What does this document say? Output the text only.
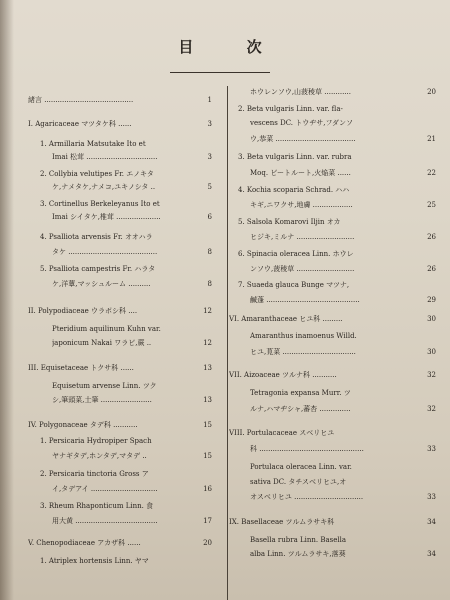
目 次
緒言 ........................................	1
I. Agaricaceae マツタケ科 ......	3
1. Armillaria Matsutake Ito et
Imai 松茸 ................................	3
2. Collybia velutipes Fr. エノキタ
ケ,ナメタケ,ナメコ,ユキノシタ ..	5
3. Cortinellus Berkeleyanus Ito et
Imai シイタケ,椎茸 ....................	6
4. Psalliota arvensis Fr. オオハラ
タケ ........................................	8
5. Psalliota campestris Fr. ハラタ
ケ,洋蕈,マッシュルーム ..........	8
II. Polypodiaceae ウラボシ科 ....	12
Pteridium aquilinum Kuhn var.
japonicum Nakai ワラビ,蕨 ..	12
III. Equisetaceae トクサ科 ......	13
Equisetum arvense Linn. ツク
シ,筆頭菜,土筆 .......................	13
IV. Polygonaceae タデ科 ...........	15
1. Persicaria Hydropiper Spach
ヤナギタデ,ホンタデ,マタデ ..	15
2. Persicaria tinctoria Gross ア
イ,タデアイ ..............................	16
3. Rheum Rhaponticum Linn. 食
用大黄 .....................................	17
V. Chenopodiaceae アカザ科 ......	20
1. Atriplex hortensis Linn. ヤマ
ホウレンソウ,山菠稜草 ............	20
2. Beta vulgaris Linn. var. fla-
vescens DC. トウヂサ,フダンソ
ウ,恭菜 ....................................	21
3. Beta vulgaris Linn. var. rubra
Moq. ビートルート,火焔菜 ......	22
4. Kochia scoparia Schrad. ハハ
キギ,ニワクサ,地膚 ..................	25
5. Salsola Komarovi Iljin オカ
ヒジキ,ミルナ ..........................	26
6. Spinacia oleracea Linn. ホウレ
ンソウ,菠稜草 ..........................	26
7. Suaeda glauca Bunge マツナ,
鹹蓬 ..........................................	29
VI. Amaranthaceae ヒユ科 .........	30
Amaranthus inamoenus Willd.
ヒユ,莧菜 .................................	30
VII. Aizoaceae ツルナ科 ...........	32
Tetragonia expansa Murr. ツ
ルナ,ハマヂシャ,蕃杏 ..............	32
VIII. Portulacaceae スベリヒユ
科 ...............................................	33
Portulaca oleracea Linn. var.
sativa DC. タチスベリヒユ,オ
オスベリヒユ ...............................	33
IX. Basellaceae ツルムラサキ科	34
Basella rubra Linn. Basella
alba Linn. ツルムラサキ,落葵	34
